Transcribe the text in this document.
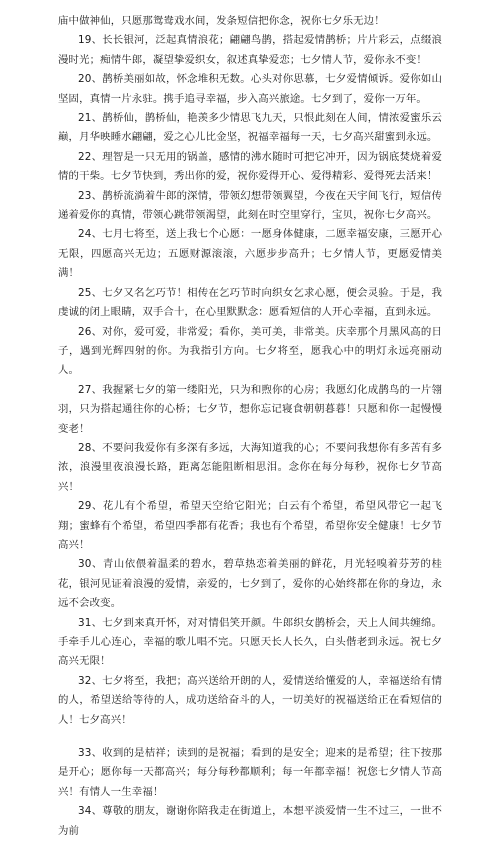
庙中做神仙，只愿那鸳鸯戏水间，发条短信把你念，祝你七夕乐无边！

19、长长银河，泛起真情浪花；翩翩鸟鹊，搭起爱情鹊桥；片片彩云，点缀浪漫时光；痴情牛郎，凝望挚爱织女，叙述真挚爱恋；七夕情人节，爱你永不变！

20、鹊桥美丽如故，怀念堆积无数。心头对你思慕，七夕爱情倾诉。爱你如山坚固，真情一片永驻。携手追寻幸福，步入高兴旅途。七夕到了，爱你一万年。

21、鹊桥仙，鹊桥仙，艳羡多少情思飞九天，只恨此刻在人间，情浓爱蜜乐云巅，月华映睡水翩翩，爱之心儿比金坚，祝福幸福每一天，七夕高兴甜蜜到永远。

22、理智是一只无用的锅盖，感情的沸水随时可把它冲开，因为锅底焚烧着爱情的干柴。七夕节快到，秀出你的爱，祝你爱得开心、爱得精彩、爱得死去活来！

23、鹊桥流淌着牛郎的深情，带领幻想带领翼望，今夜在天宇间飞行，短信传递着爱你的真情，带领心跳带领渴望，此刻在时空里穿行，宝贝，祝你七夕高兴。

24、七月七将至，送上我七个心愿：一愿身体健康，二愿幸福安康，三愿开心无限，四愿高兴无边；五愿财源滚滚，六愿步步高升；七夕情人节，更愿爱情美满！

25、七夕又名乞巧节！相传在乞巧节时向织女乞求心愿，便会灵验。于是，我虔诚的闭上眼睛，双手合十，在心里默默念：愿看短信的人开心幸福，直到永远。

26、对你，爱可爱，非常爱；看你，美可美，非常美。庆幸那个月黑风高的日子，遇到光辉四射的你。为我指引方向。七夕将至，愿我心中的明灯永远亮丽动人。

27、我握紧七夕的第一缕阳光，只为和煦你的心房；我愿幻化成鹊鸟的一片翎羽，只为搭起通往你的心桥；七夕节，想你忘记寝食朝朝暮暮！只愿和你一起慢慢变老！

28、不要问我爱你有多深有多远，大海知道我的心；不要问我想你有多苦有多浓，浪漫里夜浪漫长路，距离怎能阻断相思泪。念你在每分每秒，祝你七夕节高兴！

29、花儿有个希望，希望天空给它阳光；白云有个希望，希望风带它一起飞翔；蜜蜂有个希望，希望四季都有花香；我也有个希望，希望你安全健康！七夕节高兴！

30、青山依偎着温柔的碧水，碧草热恋着美丽的鲜花，月光轻嗅着芬芳的桂花，银河见证着浪漫的爱情，亲爱的，七夕到了，爱你的心始终都在你的身边，永远不会改变。

31、七夕到来真开怀，对对情侣笑开颜。牛郎织女鹊桥会，天上人间共缠绵。手牵手儿心连心，幸福的歌儿唱不完。只愿天长人长久，白头偕老到永远。祝七夕高兴无限！

32、七夕将至，我把；高兴送给开朗的人，爱情送给懂爱的人，幸福送给有情的人，希望送给等待的人，成功送给奋斗的人，一切美好的祝福送给正在看短信的人！七夕高兴！

33、收到的是桔祥；读到的是祝福；看到的是安全；迎来的是希望；往下按那是开心；愿你每一天都高兴；每分每秒都顺利；每一年都幸福！祝您七夕情人节高兴！有情人一生幸福！

34、尊敬的朋友，谢谢你陪我走在街道上，本想平淡爱情一生不过三，一世不为前
